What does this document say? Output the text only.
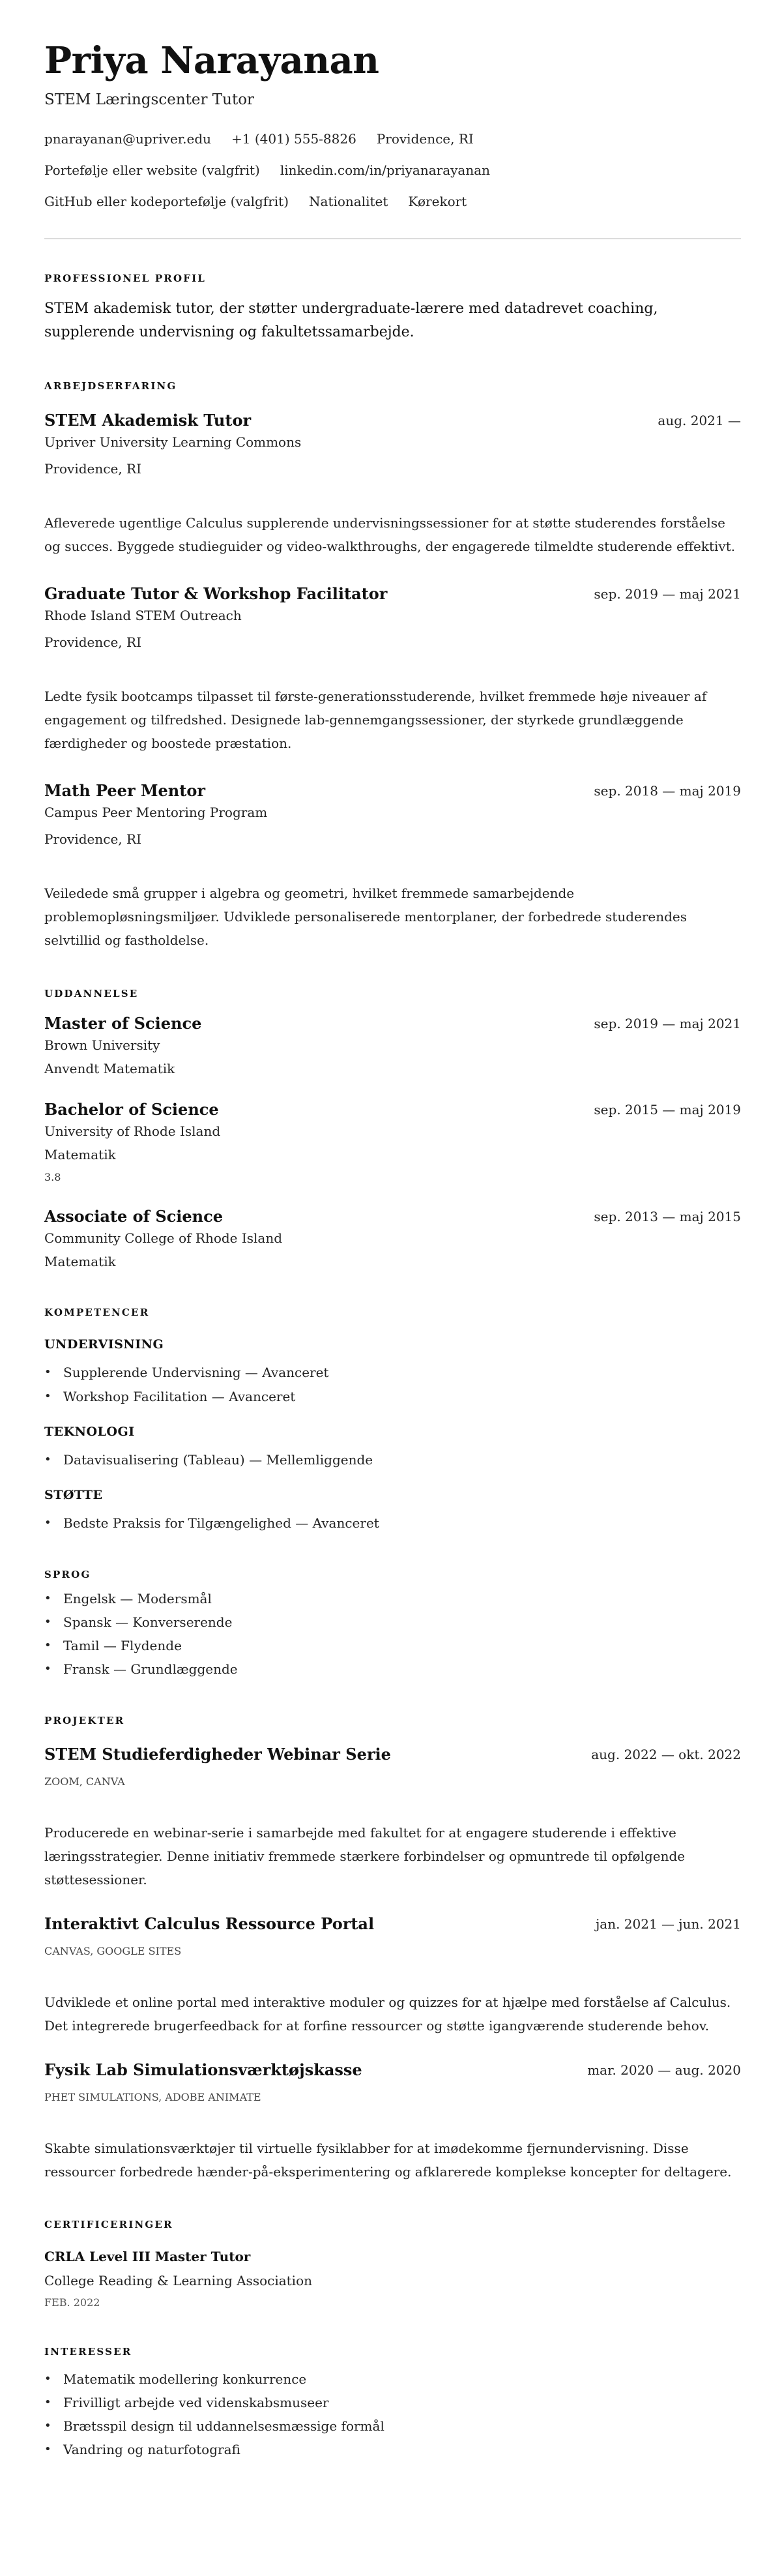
Priya Narayanan
STEM Læringscenter Tutor
pnarayanan@upriver.edu +1 (401) 555-8826 Providence, RI
Portefølje eller website (valgfrit) linkedin.com/in/priyanarayanan
GitHub eller kodeportefølje (valgfrit) Nationalitet Kørekort
PROFESSIONEL PROFIL
STEM akademisk tutor, der støtter undergraduate-lærere med datadrevet coaching, supplerende undervisning og fakultetssamarbejde.
ARBEJDSERFARING
STEM Akademisk Tutor	aug. 2021 —
Upriver University Learning Commons
Providence, RI
Afleverede ugentlige Calculus supplerende undervisningssessioner for at støtte studerendes forståelse og succes. Byggede studieguider og video-walkthroughs, der engagerede tilmeldte studerende effektivt.
Graduate Tutor & Workshop Facilitator	sep. 2019 — maj 2021
Rhode Island STEM Outreach
Providence, RI
Ledte fysik bootcamps tilpasset til første-generationsstuderende, hvilket fremmede høje niveauer af engagement og tilfredshed. Designede lab-gennemgangssessioner, der styrkede grundlæggende færdigheder og boostede præstation.
Math Peer Mentor	sep. 2018 — maj 2019
Campus Peer Mentoring Program
Providence, RI
Veiledede små grupper i algebra og geometri, hvilket fremmede samarbejdende problemopløsningsmiljøer. Udviklede personaliserede mentorplaner, der forbedrede studerendes selvtillid og fastholdelse.
UDDANNELSE
Master of Science	sep. 2019 — maj 2021
Brown University
Anvendt Matematik
Bachelor of Science	sep. 2015 — maj 2019
University of Rhode Island
Matematik
3.8
Associate of Science	sep. 2013 — maj 2015
Community College of Rhode Island
Matematik
KOMPETENCER
UNDERVISNING
• Supplerende Undervisning — Avanceret
• Workshop Facilitation — Avanceret
TEKNOLOGI
• Datavisualisering (Tableau) — Mellemliggende
STØTTE
• Bedste Praksis for Tilgængelighed — Avanceret
SPROG
• Engelsk — Modersmål
• Spansk — Konverserende
• Tamil — Flydende
• Fransk — Grundlæggende
PROJEKTER
STEM Studieferdigheder Webinar Serie	aug. 2022 — okt. 2022
ZOOM, CANVA
Producerede en webinar-serie i samarbejde med fakultet for at engagere studerende i effektive læringsstrategier. Denne initiativ fremmede stærkere forbindelser og opmuntrede til opfølgende støttesessioner.
Interaktivt Calculus Ressource Portal	jan. 2021 — jun. 2021
CANVAS, GOOGLE SITES
Udviklede et online portal med interaktive moduler og quizzes for at hjælpe med forståelse af Calculus. Det integrerede brugerfeedback for at forfine ressourcer og støtte igangværende studerende behov.
Fysik Lab Simulationsværktøjskasse	mar. 2020 — aug. 2020
PHET SIMULATIONS, ADOBE ANIMATE
Skabte simulationsværktøjer til virtuelle fysiklabber for at imødekomme fjernundervisning. Disse ressourcer forbedrede hænder-på-eksperimentering og afklarerede komplekse koncepter for deltagere.
CERTIFICERINGER
CRLA Level III Master Tutor
College Reading & Learning Association
FEB. 2022
INTERESSER
• Matematik modellering konkurrence
• Frivilligt arbejde ved videnskabsmuseer
• Brætsspil design til uddannelsesmæssige formål
• Vandring og naturfotografi
